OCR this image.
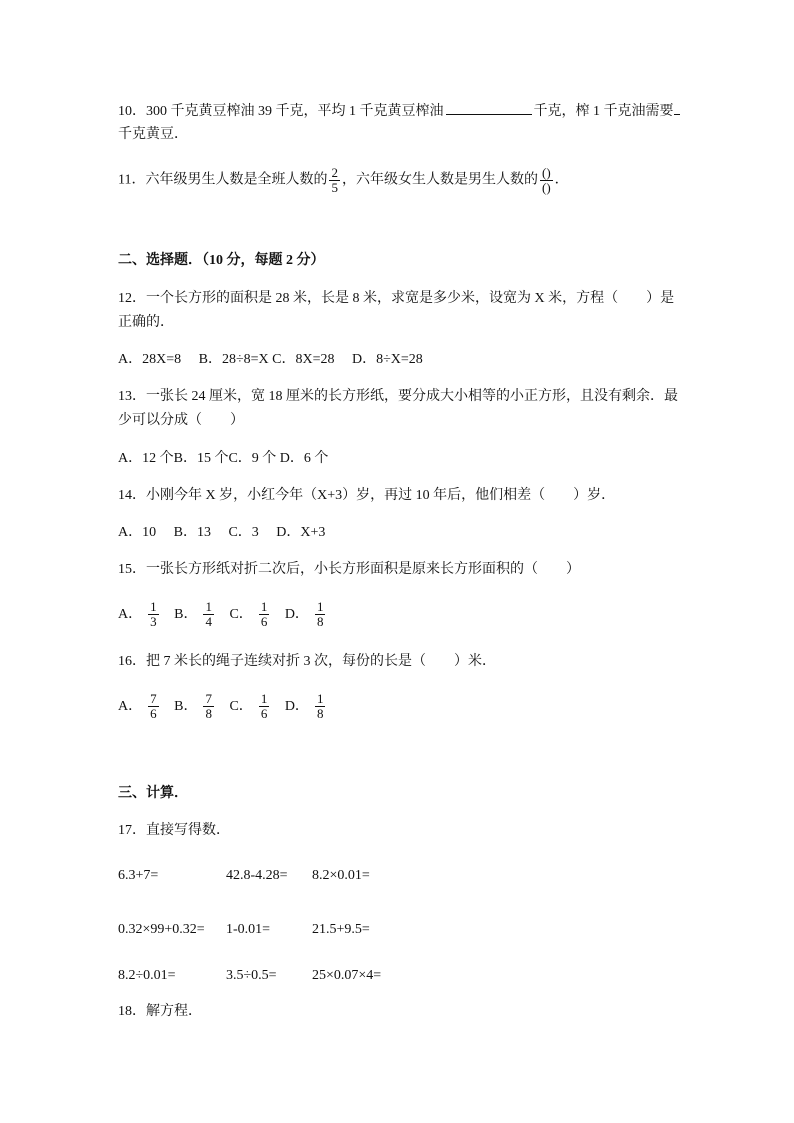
10．300 千克黄豆榨油 39 千克，平均 1 千克黄豆榨油	千克，榨 1 千克油需要
千克黄豆．
11．六年级男生人数是全班人数的 $\frac{2}{5}$ ，六年级女生人数是男生人数的 $\frac{()}{()}$ ．
二、选择题．（10 分，每题 2 分）
12．一个长方形的面积是 28 米，长是 8 米，求宽是多少米，设宽为 X 米，方程（　　）是
正确的．
A．28X=8　 B．28÷8=X C．8X=28　 D．8÷X=28
13．一张长 24 厘米，宽 18 厘米的长方形纸，要分成大小相等的小正方形，且没有剩余．最
少可以分成（　　）
A．12 个B．15 个C．9 个 D．6 个
14．小刚今年 X 岁，小红今年（X+3）岁，再过 10 年后，他们相差（　　）岁．
A．10　 B．13　 C．3　 D．X+3
15．一张长方形纸对折二次后，小长方形面积是原来长方形面积的（　　）
A． $\frac{1}{3}$ B． $\frac{1}{4}$ C． $\frac{1}{6}$ D． $\frac{1}{8}$
16．把 7 米长的绳子连续对折 3 次，每份的长是（　　）米．
A． $\frac{7}{6}$ B． $\frac{7}{8}$ C． $\frac{1}{6}$ D． $\frac{1}{8}$
三、计算．
17．直接写得数．
6.3+7=	42.8-4.28= 8.2×0.01=
0.32×99+0.32= 1-0.01=	21.5+9.5=
8.2÷0.01=	3.5÷0.5=	25×0.07×4=
18．解方程．
